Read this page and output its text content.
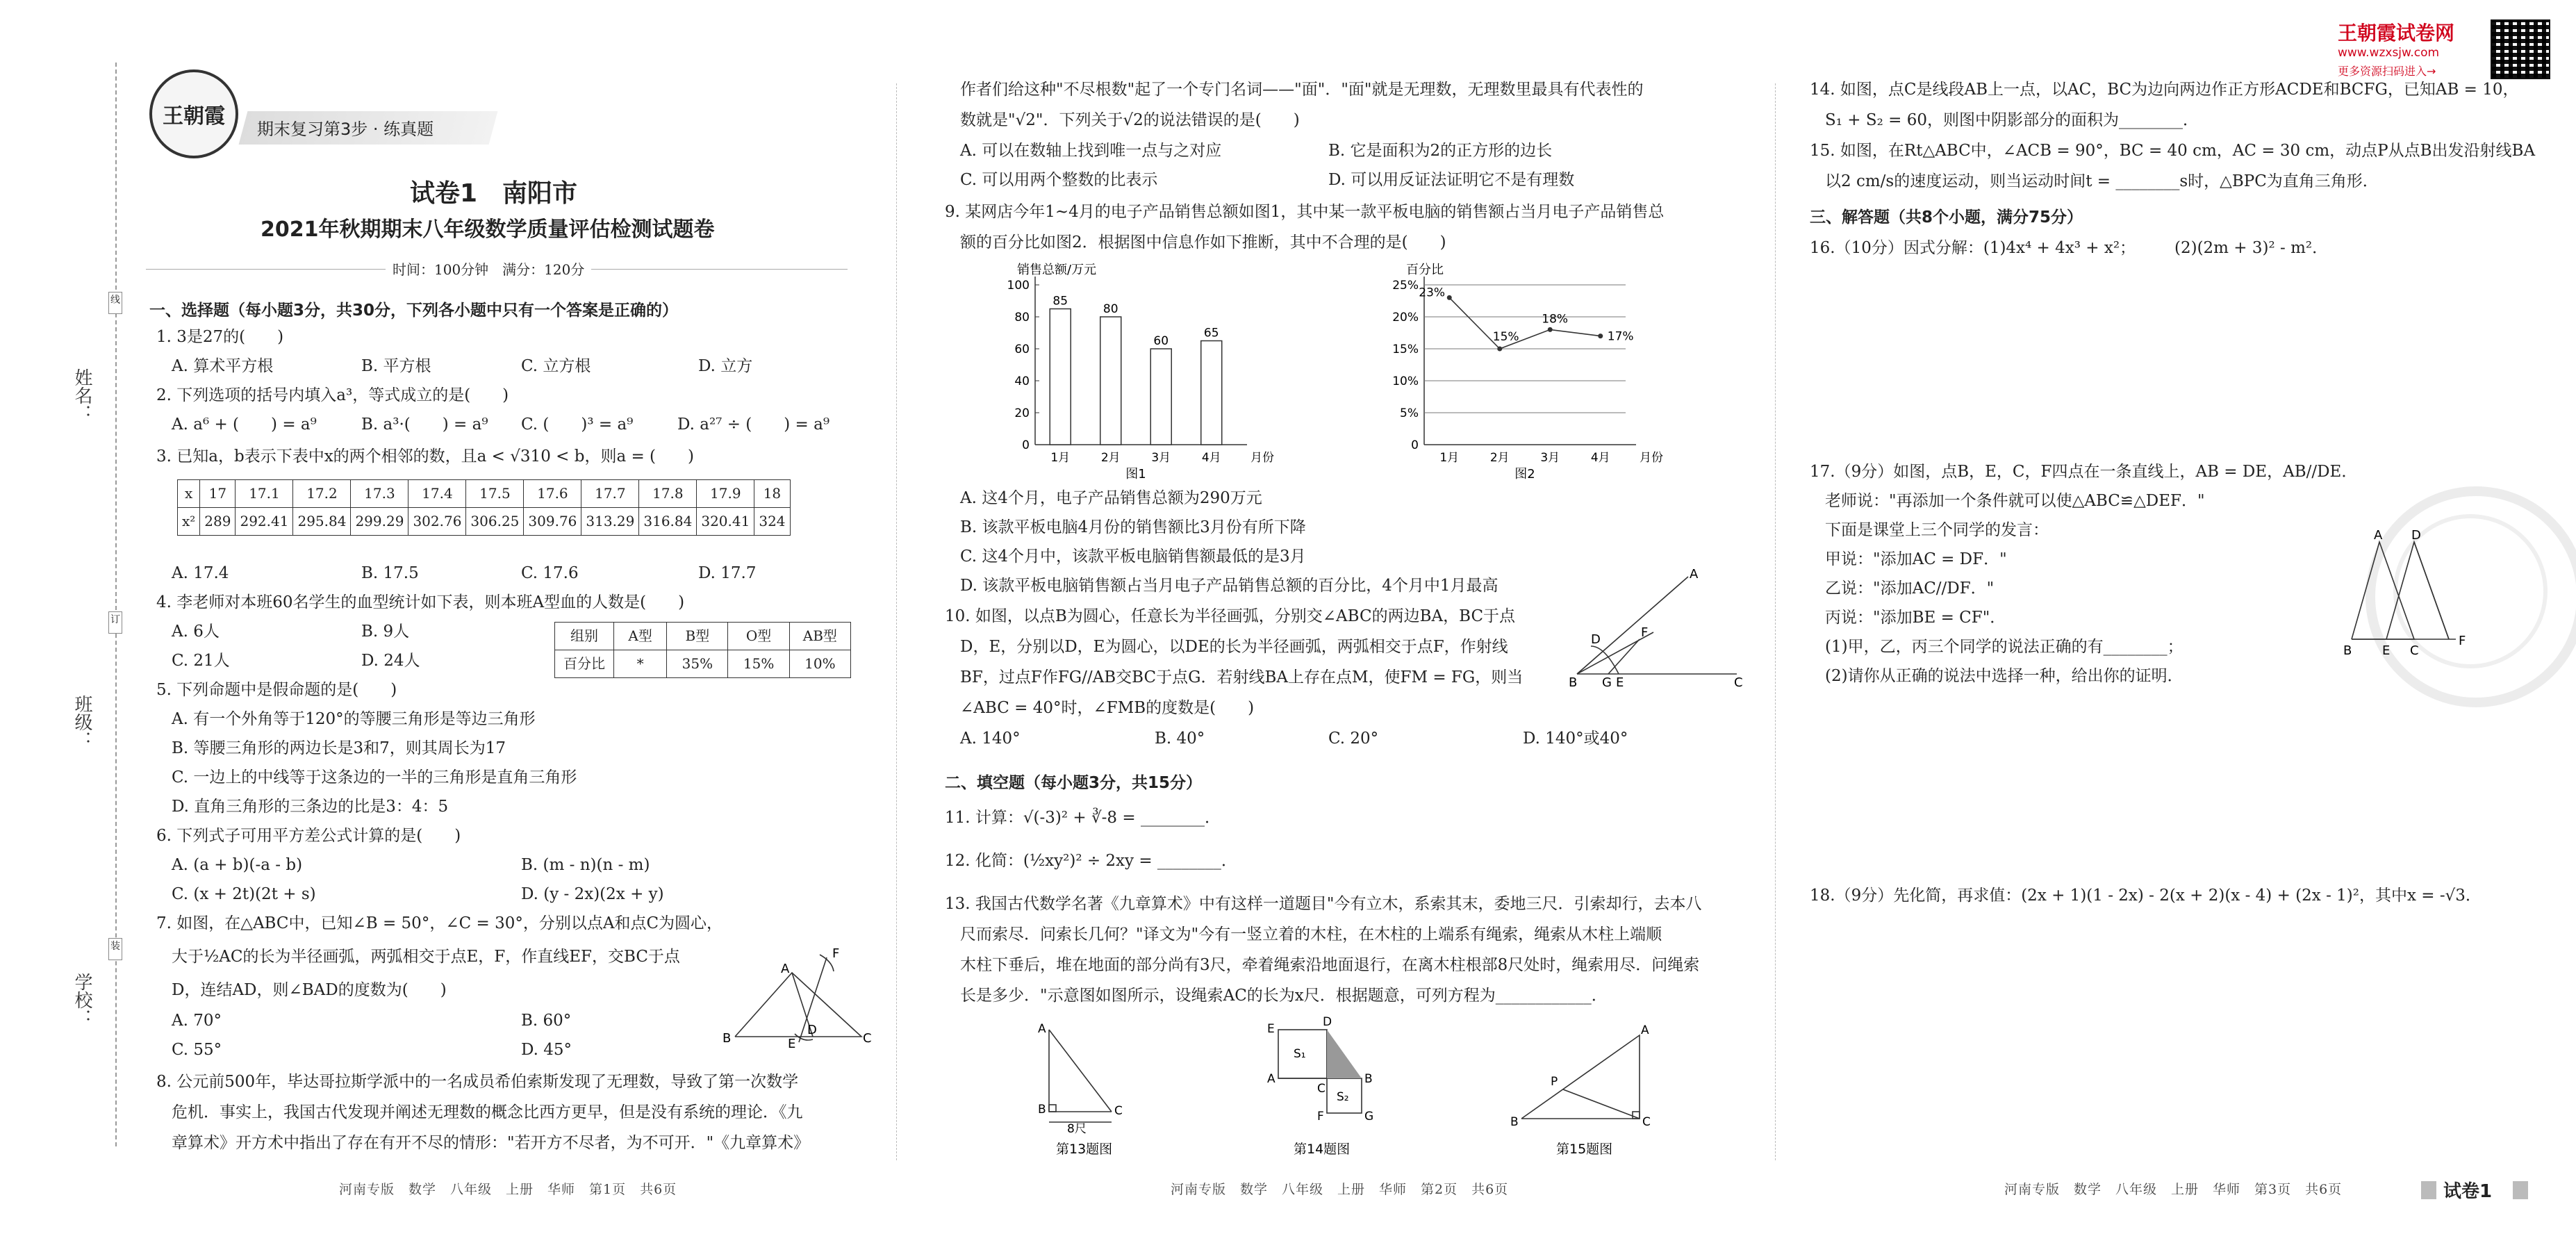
姓名：
班级：
学校：
线
订
装
王朝霞
期末复习第3步 · 练真题
试卷1　南阳市
2021年秋期期末八年级数学质量评估检测试题卷
时间：100分钟　满分：120分
一、选择题（每小题3分，共30分，下列各小题中只有一个答案是正确的）
1. 3是27的(　　)
A. 算术平方根	B. 平方根	C. 立方根	D. 立方
2. 下列选项的括号内填入a³，等式成立的是(　　)
A. a⁶ + (　　) = a⁹	B. a³·(　　) = a⁹ C. (　　)³ = a⁹	D. a²⁷ ÷ (　　) = a⁹
3. 已知a，b表示下表中x的两个相邻的数，且a < √310 < b，则a = (　　)
x	17	17.1	17.2	17.3	17.4	17.5	17.6	17.7	17.8	17.9	18
x²	289	292.41	295.84	299.29	302.76	306.25	309.76	313.29	316.84	320.41	324
A. 17.4	B. 17.5	C. 17.6	D. 17.7
4. 李老师对本班60名学生的血型统计如下表，则本班A型血的人数是(　　)
A. 6人	B. 9人
C. 21人	D. 24人
组别	A型	B型	O型	AB型
百分比	*	35%	15%	10%
5. 下列命题中是假命题的是(　　)
A. 有一个外角等于120°的等腰三角形是等边三角形
B. 等腰三角形的两边长是3和7，则其周长为17
C. 一边上的中线等于这条边的一半的三角形是直角三角形
D. 直角三角形的三条边的比是3：4：5
6. 下列式子可用平方差公式计算的是(　　)
A. (a + b)(-a - b)	B. (m - n)(n - m)
C. (x + 2t)(2t + s)	D. (y - 2x)(2x + y)
7. 如图，在△ABC中，已知∠B = 50°，∠C = 30°，分别以点A和点C为圆心，
大于½AC的长为半径画弧，两弧相交于点E，F，作直线EF，交BC于点
D，连结AD，则∠BAD的度数为(　　)
A. 70°	B. 60°
C. 55°	D. 45°
8. 公元前500年，毕达哥拉斯学派中的一名成员希伯索斯发现了无理数，导致了第一次数学
危机．事实上，我国古代发现并阐述无理数的概念比西方更早，但是没有系统的理论．《九
章算术》开方术中指出了存在有开不尽的情形："若开方不尽者，为不可开．"《九章算术》
A
B	C
D
E
F
河南专版　数学　八年级　上册　华师　第1页　共6页
作者们给这种"不尽根数"起了一个专门名词——"面"．"面"就是无理数，无理数里最具有代表性的
数就是"√2"．下列关于√2的说法错误的是(　　)
A. 可以在数轴上找到唯一点与之对应	B. 它是面积为2的正方形的边长
C. 可以用两个整数的比表示	D. 可以用反证法证明它不是有理数
9. 某网店今年1~4月的电子产品销售总额如图1，其中某一款平板电脑的销售额占当月电子产品销售总
额的百分比如图2．根据图中信息作如下推断，其中不合理的是(　　)
A. 这4个月，电子产品销售总额为290万元
B. 该款平板电脑4月份的销售额比3月份有所下降
C. 这4个月中，该款平板电脑销售额最低的是3月
D. 该款平板电脑销售额占当月电子产品销售总额的百分比，4个月中1月最高
10. 如图，以点B为圆心，任意长为半径画弧，分别交∠ABC的两边BA，BC于点
D，E，分别以D，E为圆心，以DE的长为半径画弧，两弧相交于点F，作射线
BF，过点F作FG//AB交BC于点G．若射线BA上存在点M，使FM = FG，则当
∠ABC = 40°时，∠FMB的度数是(　　)
A. 140°	B. 40°	C. 20°	D. 140°或40°
二、填空题（每小题3分，共15分）
11. 计算：√(-3)² + ∛-8 = ________．
12. 化简：(½xy²)² ÷ 2xy = ________．
13. 我国古代数学名著《九章算术》中有这样一道题目"今有立木，系索其末，委地三尺．引索却行，去本八
尺而索尽．问索长几何？"译文为"今有一竖立着的木柱，在木柱的上端系有绳索，绳索从木柱上端顺
木柱下垂后，堆在地面的部分尚有3尺，牵着绳索沿地面退行，在离木柱根部8尺处时，绳索用尽．问绳索
长是多少．"示意图如图所示，设绳索AC的长为x尺．根据题意，可列方程为____________．
销售总额/万元
0
20
40
60
80
100
85
1月
80
2月
60
3月
65
4月 月份
图1
百分比
0
5%
10%
15%
20%
25%
23%
1月
15%
2月
18%
3月
17%
4月 月份
图2
A
B	C
D
E
F
G
A
B	C
8尺
第13题图
D
E
A	B
C
F	G
S₁
S₂
第14题图
A
B	C
P
第15题图
河南专版　数学　八年级　上册　华师　第2页　共6页
王朝霞试卷网
www.wzxsjw.com
更多资源扫码进入→
14. 如图，点C是线段AB上一点，以AC，BC为边向两边作正方形ACDE和BCFG，已知AB = 10，
S₁ + S₂ = 60，则图中阴影部分的面积为________．
15. 如图，在Rt△ABC中，∠ACB = 90°，BC = 40 cm，AC = 30 cm，动点P从点B出发沿射线BA
以2 cm/s的速度运动，则当运动时间t = ________s时，△BPC为直角三角形．
三、解答题（共8个小题，满分75分）
16.（10分）因式分解：(1)4x⁴ + 4x³ + x²； (2)(2m + 3)² - m²．
17.（9分）如图，点B，E，C，F四点在一条直线上，AB = DE，AB//DE．
老师说："再添加一个条件就可以使△ABC≌△DEF．"
下面是课堂上三个同学的发言：
甲说："添加AC = DF．"
乙说："添加AC//DF．"
丙说："添加BE = CF"．
(1)甲，乙，丙三个同学的说法正确的有________；
(2)请你从正确的说法中选择一种，给出你的证明．
18.（9分）先化简，再求值：(2x + 1)(1 - 2x) - 2(x + 2)(x - 4) + (2x - 1)²，其中x = -√3．
A D
B E C
F
河南专版　数学　八年级　上册　华师　第3页　共6页	试卷1
